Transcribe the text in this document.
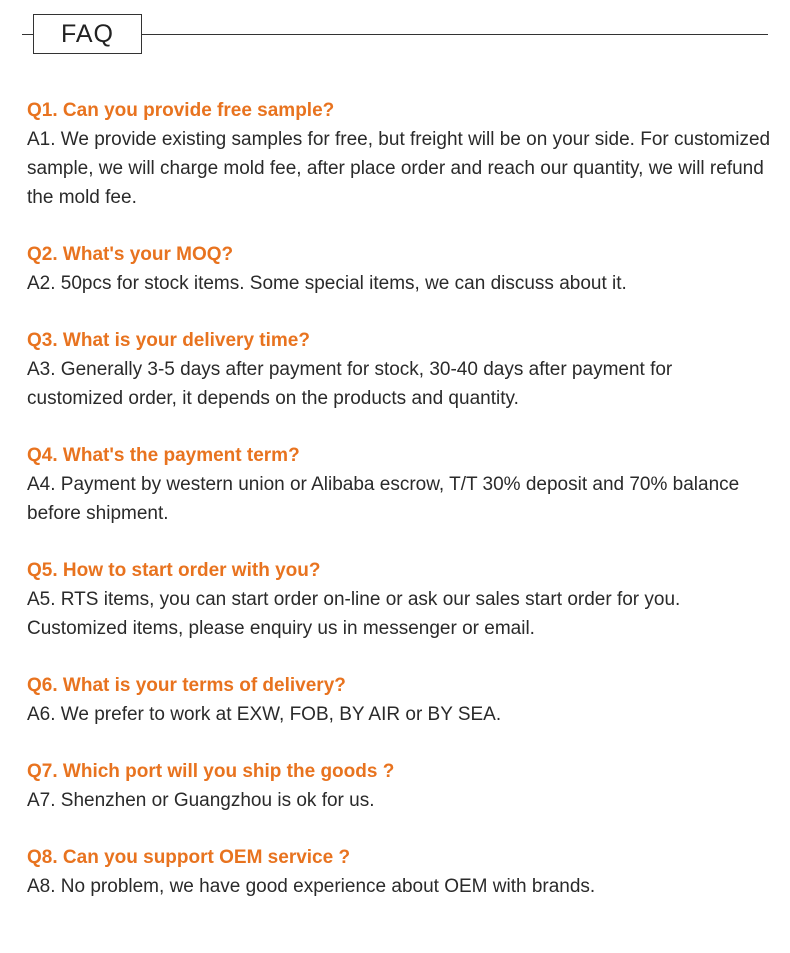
FAQ

Q1. Can you provide free sample?

A1. We provide existing samples for free, but freight will be on your side. For customized sample, we will charge mold fee, after place order and reach our quantity, we will refund the mold fee.

Q2. What's your MOQ?

A2. 50pcs for stock items. Some special items, we can discuss about it.

Q3. What is your delivery time?

A3. Generally 3-5 days after payment for stock, 30-40 days after payment for customized order, it depends on the products and quantity.

Q4. What's the payment term?

A4. Payment by western union or Alibaba escrow, T/T 30% deposit and 70% balance before shipment.

Q5. How to start order with you?

A5. RTS items, you can start order on-line or ask our sales start order for you. Customized items, please enquiry us in messenger or email.

Q6. What is your terms of delivery?

A6. We prefer to work at EXW, FOB, BY AIR or BY SEA.

Q7. Which port will you ship the goods ?

A7. Shenzhen or Guangzhou is ok for us.

Q8. Can you support OEM service ?

A8. No problem, we have good experience about OEM with brands.
